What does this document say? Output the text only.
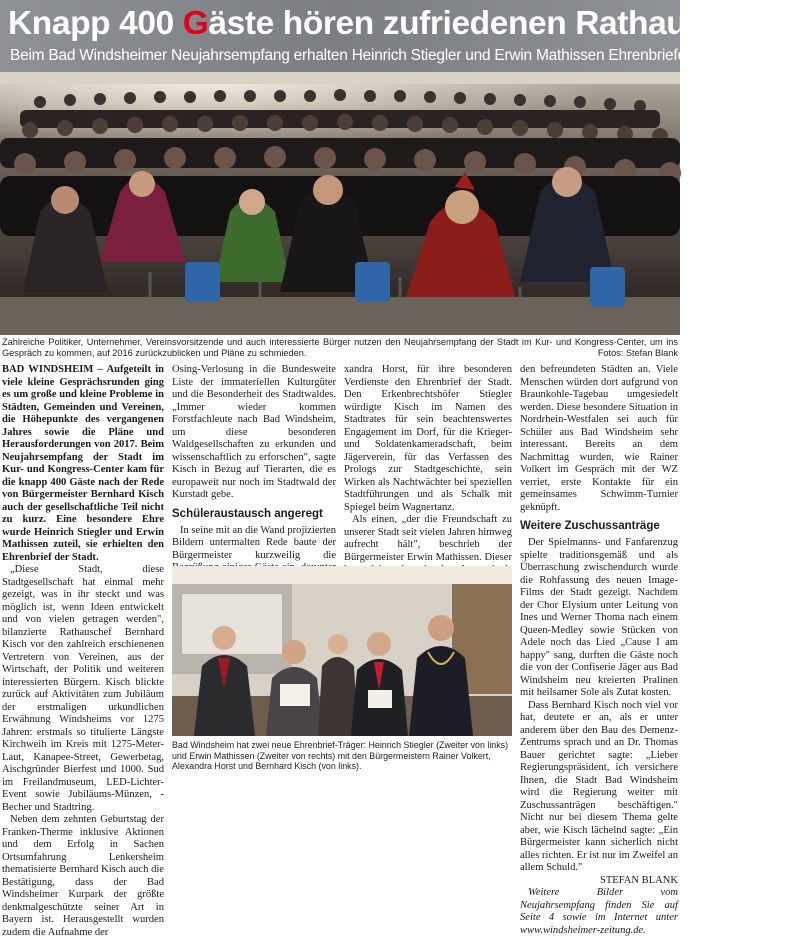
Knapp 400 Gäste hören zufriedenen Rathaus-Chef
Beim Bad Windsheimer Neujahrsempfang erhalten Heinrich Stiegler und Erwin Mathissen Ehrenbriefe
Zahlreiche Politiker, Unternehmer, Vereinsvorsitzende und auch interessierte Bürger nutzen den Neujahrsempfang der Stadt im Kur- und Kongress-Center, um ins Gespräch zu kommen, auf 2016 zurückzublicken und Pläne zu schmieden.	Fotos: Stefan Blank

BAD WINDSHEIM – Aufgeteilt in viele kleine Gesprächsrunden ging es um große und kleine Probleme in Städten, Gemeinden und Vereinen, die Höhepunkte des vergangenen Jahres sowie die Pläne und Herausforderungen von 2017. Beim Neujahrsempfang der Stadt im Kur- und Kongress-Center kam für die knapp 400 Gäste nach der Rede von Bürgermeister Bernhard Kisch auch der gesellschaftliche Teil nicht zu kurz. Eine besondere Ehre wurde Heinrich Stiegler und Erwin Mathissen zuteil, sie erhielten den Ehrenbrief der Stadt.

„Diese Stadt, diese Stadtgesellschaft hat einmal mehr gezeigt, was in ihr steckt und was möglich ist, wenn Ideen entwickelt und von vielen getragen werden", bilanzierte Rathauschef Bernhard Kisch vor den zahlreich erschienenen Vertretern von Vereinen, aus der Wirtschaft, der Politik und weiteren interessierten Bürgern. Kisch blickte zurück auf Aktivitäten zum Jubiläum der erstmaligen urkundlichen Erwähnung Windsheims vor 1275 Jahren: erstmals so titulierte Längste Kirchweih im Kreis mit 1275-Meter-Laut, Kanapee-Street, Gewerbetag, Aischgründer Bierfest und 1000. Sud im Freilandmuseum, LED-Lichter-Event sowie Jubiläums-Münzen, -Becher und Stadtring.

Neben dem zehnten Geburtstag der Franken-Therme inklusive Aktionen und dem Erfolg in Sachen Ortsumfahrung Lenkersheim thematisierte Bernhard Kisch auch die Bestätigung, dass der Bad Windsheimer Kurpark der größte denkmalgeschützte seiner Art in Bayern ist. Herausgestellt wurden zudem die Aufnahme der

Osing-Verlosung in die Bundesweite Liste der immateriellen Kulturgüter und die Besonderheit des Stadtwaldes. „Immer wieder kommen Forstfachleute nach Bad Windsheim, um diese besonderen Waldgesellschaften zu erkunden und wissenschaftlich zu erforschen", sagte Kisch in Bezug auf Tierarten, die es europaweit nur noch im Stadtwald der Kurstadt gebe.

Schüleraustausch angeregt

In seine mit an die Wand projizierten Bildern untermalten Rede baute der Bürgermeister kurzweilig die

xandra Horst, für ihre besonderen Verdienste den Ehrenbrief der Stadt. Den Erkenbrechtshöfer Stiegler würdigte Kisch im Namen des Stadtrates für sein beachtenswertes Engagement im Dorf, für die Krieger- und Soldatenkameradschaft, beim Jägerverein, für das Verfassen des Prologs zur Stadtgeschichte, sein Wirken als Nachtwächter bei speziellen Stadtführungen und als Schalk mit Spiegel beim Wagnertanz.

Als einen, „der die Freundschaft zu unserer Stadt seit vielen Jahren himweg aufrecht hält", beschrieb der Bürgermeister Erwin Mathissen. Dieser

den befreundeten Städten an. Viele Menschen würden dort aufgrund von Braunkohle-Tagebau umgesiedelt werden. Diese besondere Situation in Nordrhein-Westfalen sei auch für Schüler aus Bad Windsheim sehr interessant. Bereits an dem Nachmittag wurden, wie Rainer Volkert im Gespräch mit der WZ verriet, erste Kontakte für ein gemeinsames Schwimm-Turnier geknüpft.

Weitere Zuschussanträge

Der Spielmanns- und Fanfarenzug spielte traditionsgemäß und als Überraschung zwischendurch wurde die Rohfassung des neuen Image-Films der Stadt gezeigt. Nachdem der Chor Elysium unter Leitung von Ines und Werner Thoma nach einem Queen-Medley sowie Stücken von Adele noch das Lied „Cause I am happy" sang, durften die Gäste noch die von der Confiserie Jäger aus Bad Windsheim neu kreierten Pralinen mit heilsamer Sole als Zutat kosten.

Dass Bernhard Kisch noch viel vor hat, deutete er an, als er unter anderem über den Bau des Demenz-Zentrums sprach und an Dr. Thomas Bauer gerichtet sagte: „Lieber Regierungspräsident, ich versichere Ihnen, die Stadt Bad Windsheim wird die Regierung weiter mit Zuschussanträgen beschäftigen." Nicht nur bei diesem Thema gelte aber, wie Kisch lächelnd sagte: „Ein Bürgermeister kann sicherlich nicht alles richten. Er ist nur im Zweifel an allem Schuld."

STEFAN BLANK

Weitere Bilder vom Neujahrsempfang finden Sie auf Seite 4 sowie im Internet unter www.windsheimer-zeitung.de.

Bad Windsheim hat zwei neue Ehrenbrief-Träger: Heinrich Stiegler (Zweiter von links) und Erwin Mathissen (Zweiter von rechts) mit den Bürgermeistern Rainer Volkert, Alexandra Horst und Bernhard Kisch (von links).
